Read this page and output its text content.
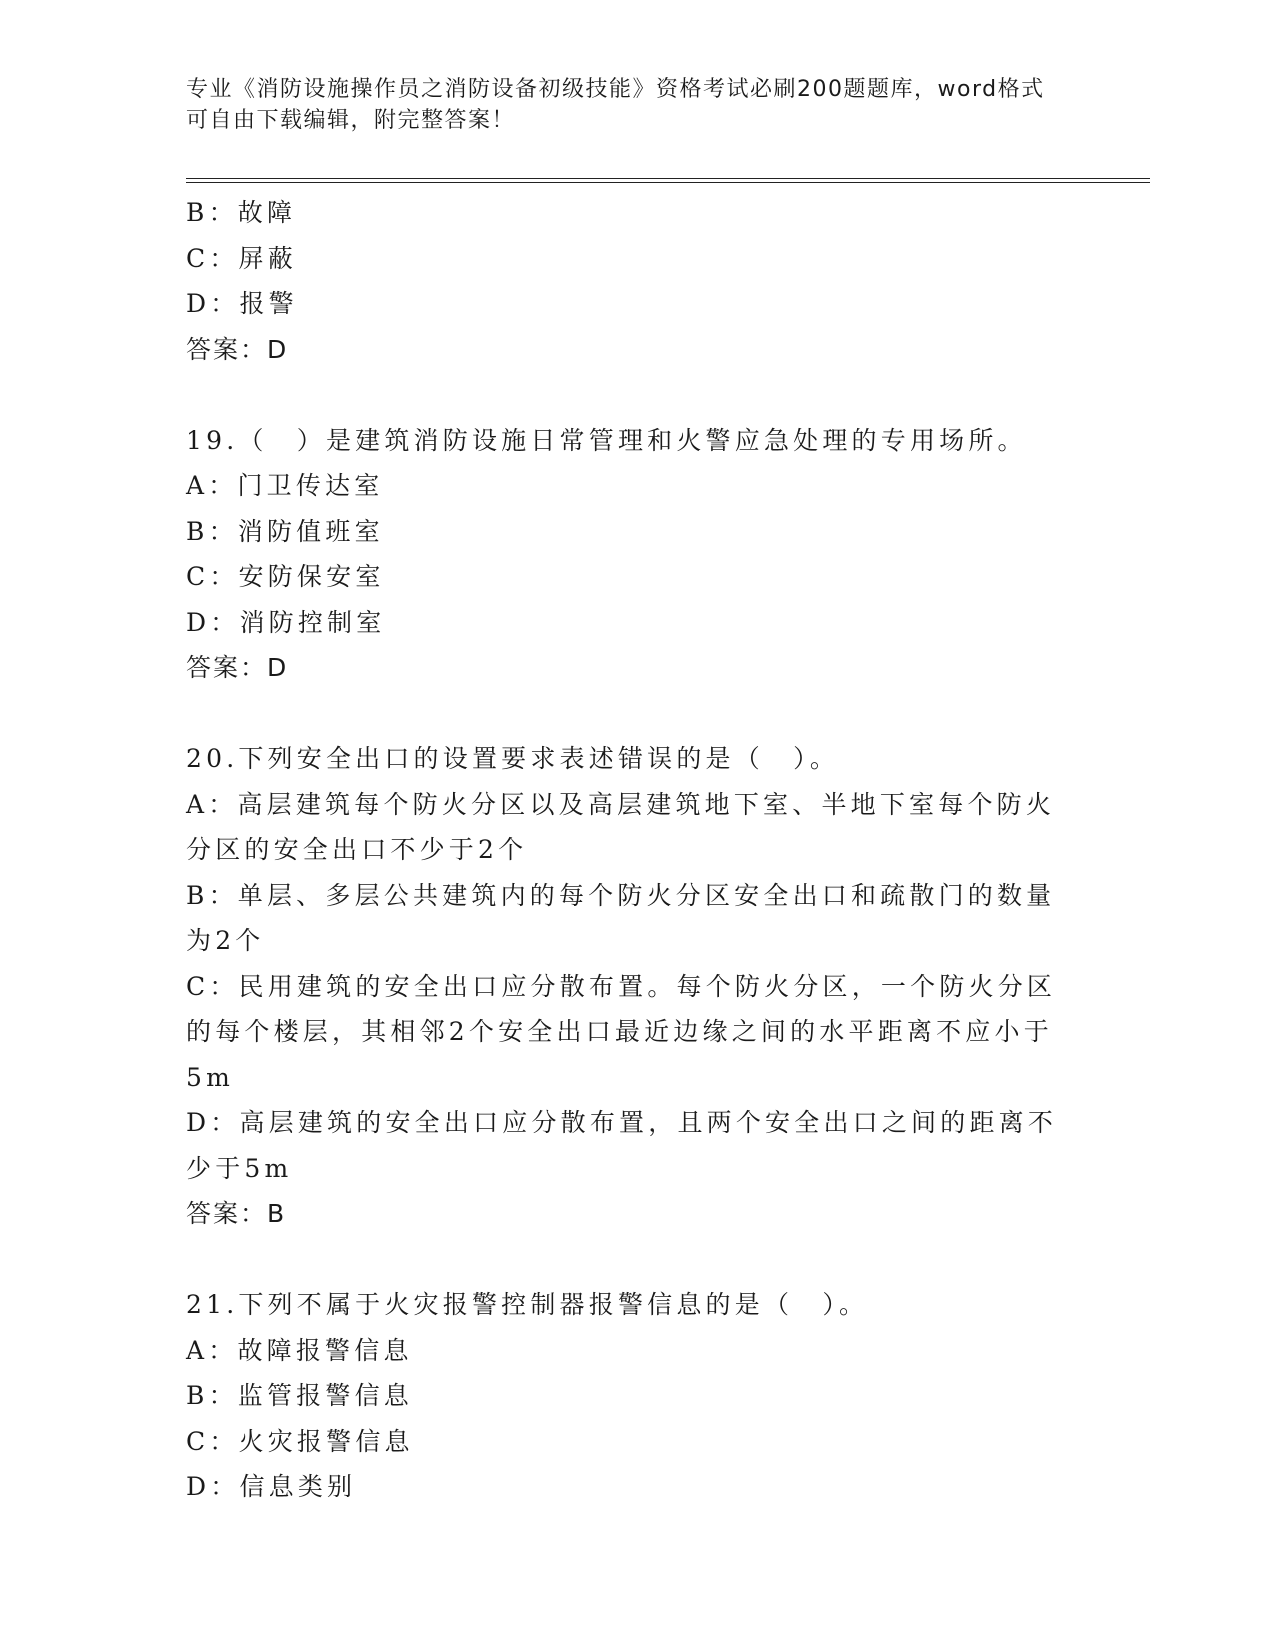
专业《消防设施操作员之消防设备初级技能》资格考试必刷200题题库，word格式可自由下载编辑，附完整答案！

B：故障

C：屏蔽

D：报警

答案：D

19.（　）是建筑消防设施日常管理和火警应急处理的专用场所。

A：门卫传达室

B：消防值班室

C：安防保安室

D：消防控制室

答案：D

20.下列安全出口的设置要求表述错误的是（　）。

A：高层建筑每个防火分区以及高层建筑地下室、半地下室每个防火分区的安全出口不少于2个

B：单层、多层公共建筑内的每个防火分区安全出口和疏散门的数量为2个

C：民用建筑的安全出口应分散布置。每个防火分区，一个防火分区的每个楼层，其相邻2个安全出口最近边缘之间的水平距离不应小于5m

D：高层建筑的安全出口应分散布置，且两个安全出口之间的距离不少于5m

答案：B

21.下列不属于火灾报警控制器报警信息的是（　）。

A：故障报警信息

B：监管报警信息

C：火灾报警信息

D：信息类别
